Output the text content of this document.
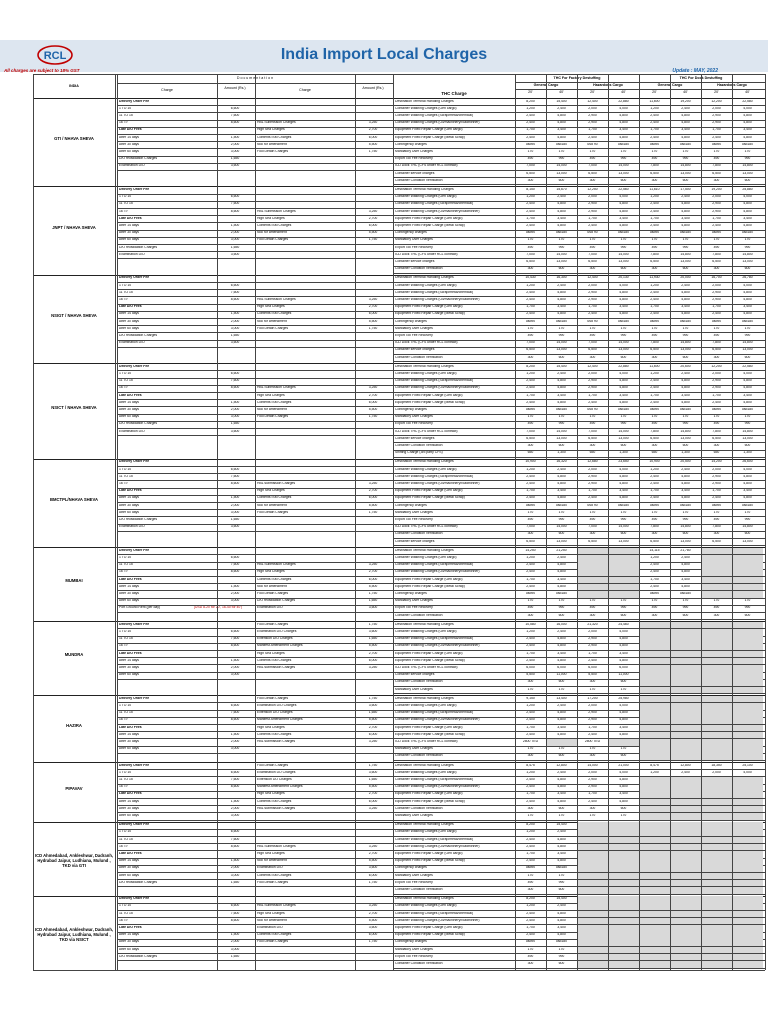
RCL	India Import Local Charges
All charges are subject to 18% GST	Update : MAY, 2022
INDIA
D o c u m e n t a t i o n
Charge	Amount (Rs.)	Charge	Amount (Rs.)
THC Charge
THC For Factory Destuffing	THC For Dock Destuffing
General Cargo	Hazardous Cargo	General Cargo	Hazardous Cargo
20'	40'	20'	40'	20'	40'	20'	40'
GTI / NHAVA SHEVA
Delivery Order Fee
1 TO 10	6,600
11 TO 15	7,600
16 =>	8,600	HBL Submission Charges	3,250
Late D/O Fees	High Sea Charges	2,700
After 14 days	1,500	Contents ISM Charges	6,000
After 30 days	2,000	Noc for amendment	5,500
After 60 days	3,000	Fool Detain Charges	1,750
D/O revalidation Charges	1,650
Examination D/O	3,600
Destination Terminal Handling Charges	8,200	15,400	12,400	22,880	11,600	19,200	12,200	22,580
Container Washing Charges (Gen cargo)	1,200	2,400	2,000	4,000	1,200	2,400	2,000	4,000
Container Washing Charges (Scrap/metal/chemical)	2,400	4,800	2,900	4,800	2,400	4,800	2,900	4,800
Container Washing Charges (Oil/machinery/roadthinner)	2,400	4,800	2,900	4,800	2,400	4,800	2,900	4,800
Equipment Fixed Repair Charge (Gen cargo)	1,700	3,400	1,700	3,400	1,700	3,400	1,700	3,400
Equipment Fixed Repair Charge (Metal Scrap)	2,400	4,800	2,400	4,800	2,400	4,800	2,400	4,800
Contingency charges	usd90	usd180	usd 90	usd180	usd90	usd180	usd90	usd180
Mandatory User Charges	170	170	170	170	170	170	170	170
Export Toll Fee Recovery	490	990	490	990	490	990	490	990
ICD Dock THC (CFS under RCL contract)	7,000	14,000	7,000	14,000	7,800	14,800	7,800	14,800
Container service charges	6,500	13,000	6,500	13,000	6,500	13,000	6,500	13,000
Container Condition Verification	300	600	300	600	300	600	300	600
JNPT / NHAVA SHEVA
Delivery Order Fee
1 TO 10	6,600
11 TO 15	7,600
16 =>	8,600	HBL Submission Charges	3,250
Late D/O Fees	High Sea Charges	2,700
After 14 days	1,500	Contents ISM Charges	6,000
After 30 days	2,000	Noc for amendment	5,500
After 60 days	3,000	Fool Detain Charges	1,750
D/O revalidation Charges	1,650
Examination D/O	3,600
Destination Terminal Handling Charges	8,150	15,670	12,250	22,560	11,610	17,500	19,200	25,880
Container Washing Charges (Gen cargo)	1,200	2,400	2,000	4,000	1,200	2,400	2,000	4,000
Container Washing Charges (Scrap/metal/chemical)	2,400	4,800	2,900	4,800	2,400	4,800	2,900	4,800
Container Washing Charges (Oil/machinery/roadthinner)	2,400	4,800	2,900	4,800	2,400	4,800	2,900	4,800
Equipment Fixed Repair Charge (Gen cargo)	1,700	3,400	1,700	3,400	1,700	3,400	1,700	3,400
Equipment Fixed Repair Charge (Metal Scrap)	2,400	4,800	2,400	4,800	2,400	4,800	2,400	4,800
Contingency charges	usd90	usd180	usd 90	usd180	usd90	usd180	usd90	usd180
Mandatory User Charges	170	170	170	170	170	170	170	170
Export Toll Fee Recovery	490	990	490	990	490	990	490	990
ICD Dock THC (CFS under RCL contract)	7,000	14,000	7,000	14,000	7,800	14,800	7,800	14,800
Container service charges	6,500	13,000	6,500	13,000	6,500	13,000	6,500	13,000
Container Condition Verification	300	600	300	600	300	600	300	600
NSIGT / NHAVA SHEVA
Delivery Order Fee
1 TO 10	6,600
11 TO 15	7,600
16 =>	8,600	HBL Submission Charges	3,250
Late D/O Fees	High Sea Charges	2,700
After 14 days	1,500	Contents ISM Charges	6,000
After 30 days	2,000	Noc for amendment	5,500
After 60 days	3,000	Fool Detain Charges	1,750
D/O revalidation Charges	1,650
Examination D/O	3,600
Destination Terminal Handling Charges	10,430	16,300	12,400	20,130	11,930	20,000	16,700	26,780
Container Washing Charges (Gen cargo)	1,200	2,400	2,000	4,000	1,200	2,400	2,000	4,000
Container Washing Charges (Scrap/metal/chemical)	2,400	4,800	2,900	4,800	2,400	4,800	2,900	4,800
Container Washing Charges (Oil/machinery/roadthinner)	2,400	4,800	2,900	4,800	2,400	4,800	2,900	4,800
Equipment Fixed Repair Charge (Gen cargo)	1,700	3,400	1,700	3,400	1,700	3,400	1,700	3,400
Equipment Fixed Repair Charge (Metal Scrap)	2,400	4,800	2,400	4,800	2,400	4,800	2,400	4,800
Contingency charges	usd90	usd180	usd 90	usd180	usd90	usd180	usd90	usd180
Mandatory User Charges	170	170	170	170	170	170	170	170
Export Toll Fee Recovery	490	990	490	990	490	990	490	990
ICD Dock THC (CFS under RCL contract)	7,000	14,000	7,000	14,000	7,800	14,800	7,800	14,800
Container service charges	6,500	13,000	6,500	13,000	6,500	13,000	6,500	13,000
Container Condition Verification	300	600	300	600	300	600	300	600
NSICT / NHAVA SHEVA
Delivery Order Fee
1 TO 10	6,600
11 TO 15	7,600
16 =>	8,600	HBL Submission Charges	3,250
Late D/O Fees	High Sea Charges	2,700
After 14 days	1,500	Contents ISM Charges	6,000
After 30 days	2,000	Noc for amendment	5,500
After 60 days	3,000	Fool Detain Charges	1,750
D/O revalidation Charges	1,650
Examination D/O	3,600
Destination Terminal Handling Charges	8,200	15,400	12,400	22,880	11,600	20,600	12,200	22,580
Container Washing Charges (Gen cargo)	1,200	2,400	2,000	4,000	1,200	2,400	2,000	4,000
Container Washing Charges (Scrap/metal/chemical)	2,400	4,800	2,900	4,800	2,400	4,800	2,900	4,800
Container Washing Charges (Oil/machinery/roadthinner)	2,400	4,800	2,900	4,800	2,400	4,800	2,900	4,800
Equipment Fixed Repair Charge (Gen cargo)	1,700	3,400	1,700	3,400	1,700	3,400	1,700	3,400
Equipment Fixed Repair Charge (Metal Scrap)	2,400	4,800	2,400	4,800	2,400	4,800	2,400	4,800
Contingency charges	usd90	usd180	usd 90	usd180	usd90	usd180	usd90	usd180
Mandatory User Charges	170	170	170	170	170	170	170	170
Export Toll Fee Recovery	490	990	490	990	490	990	490	990
ICD Dock THC (CFS under RCL contract)	7,000	14,000	7,000	14,000	7,800	14,800	7,800	14,800
Container service charges	6,500	13,000	6,500	13,000	6,500	13,000	6,500	13,000
Container Condition Verification	300	600	300	600	300	600	300	600
Shifting Charge (3rd party CFS)	650	1,300	650	1,300	650	1,300	650	1,300
BMCTPL/NHAVA SHEVA
Delivery Order Fee
1 TO 10	6,600
11 TO 15	7,600
16 =>	8,600	HBL submission Charges	3,250
Late D/O Fees	High Sea Charges	2,700
After 14 days	1,500	Contents ISM Charges	6,000
After 30 days	2,000	Noc for amendment	5,500
After 60 days	3,000	Fool Detain Charges	1,750
D/O revalidation Charges	1,650
Examination D/O	3,600
Destination Terminal Handling Charges	10,900	16,320	12,680	23,650	10,900	20,500	14,200	26,600
Container Washing Charges (Gen cargo)	1,200	2,400	2,000	4,000	1,200	2,400	2,000	4,000
Container Washing Charges (Scrap/metal/chemical)	2,400	4,800	2,900	4,800	2,400	4,800	2,900	4,800
Container Washing Charges (Oil/machinery/roadthinner)	2,400	4,800	2,900	4,800	2,400	4,800	2,900	4,800
Equipment Fixed Repair Charge (Gen cargo)	1,700	3,400	1,700	3,400	1,700	3,400	1,700	3,400
Equipment Fixed Repair Charge (Metal Scrap)	2,400	4,800	2,400	4,800	2,400	4,800	2,400	4,800
Contingency charges	usd90	usd180	usd 90	usd180	usd90	usd180	usd90	usd180
Mandatory User Charges	170	170	170	170	170	170	170	170
Export Toll Fee Recovery	490	990	490	990	490	990	490	990
ICD Dock THC (CFS under RCL contract)	7,000	14,000	7,000	14,000	7,800	14,800	7,800	14,800
Container Condition Verification	300	600	300	600	300	600	300	600
Container service charges	6,500	13,000	6,500	13,000	6,500	13,000	6,500	13,000
MUMBAI
Delivery Order Fee
1 TO 10	6,600
11 TO 15	7,600	HBL Submission Charges	3,250
16 =>	8,600	High Sea Charges	2,700
Late D/O Fees	Contents ISM Charges	6,000
After 14 days	1,500	Noc for amendment	5,500
After 30 days	2,000	Fool Detain Charges	1,750
After 60 days	3,000	D/O revalidation Charges	1,650
Port Ground Rent (per day)	(USD 8-20 for 20', 16-40 for 40')	Examination D/O	3,600
Destination Terminal Handling Charges	14,250	21,250	14,115	21,780
Container Washing Charges (Gen cargo)	1,200	2,400	1,200	2,400
Container Washing Charges (Scrap/metal/chemical)	2,400	4,800	2,400	4,800
Container Washing Charges (Oil/machinery/roadthinner)	2,400	4,800	2,400	4,800
Equipment Fixed Repair Charge (Gen cargo)	1,700	3,400	1,700	3,400
Equipment Fixed Repair Charge (Metal Scrap)	2,400	4,800	2,400	4,800
Contingency charges	usd90	usd180	usd90	usd180
Mandatory User Charges	170	170	170	170	170	170	170	170
Export Toll Fee Recovery	490	990	490	990	490	990	490	990
Container Condition Verification	300	600	300	600	300	600	300	600
MUNDRA
Delivery Order Fee	Fool Detain Charges	1,750
1 TO 10	6,600	Examination D/O Charges	3,600
11 TO 15	7,600	Extension D/O Charges	1,650
16 =>	8,600	Manifest Amendment Charges	5,500
Late D/O Fees	High Sea Charges	2,700
After 14 days	1,500	Contents ISM Charges	6,000
After 30 days	2,000	HBL submission Charges	3,250
After 60 days	3,000
Destination Terminal Handling Charges	10,580	16,000	21,320	24,460
Container Washing Charges (Gen cargo)	1,200	2,400	2,000	4,000
Container Washing Charges (Scrap/metal/chemical)	2,400	4,800	2,900	4,800
Container Washing Charges (Oil/machinery/roadthinner)	2,400	4,800	2,900	4,800
Equipment Fixed Repair Charge (Gen cargo)	1,700	3,400	1,700	3,400
Equipment Fixed Repair Charge (Metal Scrap)	2,400	4,800	2,400	4,800
ICD Dock THC (CFS under RCL contract)	6,000	6,000	6,000	6,000
Container service charges	5,500	11,000	5,500	11,000
Container Condition Verification	300	600	300	600
Mandatory User Charges	170	170	170	170
HAZIRA
Delivery Order Fee	Fool Detain Charges	1,750
1 TO 10	6,600	Examination D/O Charges	3,600
11 TO 15	7,600	Extension D/O Charges	1,650
16 =>	8,600	Manifest Amendment Charges	5,500
Late D/O Fees	High Sea Charges	2,700
After 14 days	1,500	Contents ISM Charges	6,000
After 30 days	2,000	HBL submission Charges	3,250
After 60 days	3,000
Destination Terminal Handling Charges	9,150	13,400	17,200	25,980
Container Washing Charges (Gen cargo)	1,200	2,400	2,000	4,000
Container Washing Charges (Scrap/metal/chemical)	2,400	4,800	2,900	4,800
Container Washing Charges (Oil/machinery/roadthinner)	2,400	4,800	2,900	4,800
Equipment Fixed Repair Charge (Gen cargo)	1,700	3,400	1,700	3,400
Equipment Fixed Repair Charge (Metal Scrap)	2,400	4,800	2,400	4,800
ICD Dock THC (CFS under RCL contract)	2800 TEU	2800 TEU
Mandatory User Charges	170	170	170	170
Container Condition Verification	300	600	300	600
PIPAVAV
Delivery Order Fee	Fool Detain Charges	1,750
1 TO 10	6,600	Examination DO Charges	3,600
11 TO 15	7,600	Extension DO Charges	1,650
16 =>	8,600	Manifest Amendment Charges	5,500
Late D/O Fees	High Sea Charges	2,700
After 14 days	1,500	Contents ISM Charges	6,000
After 30 days	2,000	HBL submission Charges	3,250
After 60 days	3,000
Destination Terminal Handling Charges	8,475	12,800	14,000	21,000	8,475	12,800	18,350	25,100
Container Washing Charges (Gen cargo)	1,200	2,400	2,000	4,000	1,200	2,400	2,000	4,000
Container Washing Charges (Scrap/metal/chemical)	2,400	4,800	2,900	4,800
Container Washing Charges (Oil/machinery/roadthinner)	2,400	4,800	2,900	4,800
Equipment Fixed Repair Charge (Gen cargo)	1,700	3,400	1,700	3,400
Equipment Fixed Repair Charge (Metal Scrap)	2,400	4,800	2,400	4,800
Container Condition Verification	300	600	300	600
Mandatory User Charges	170	170	170	170
ICD Ahmedabad, Ankleshwar, Dadranh, Hydrabad Jaipur, Ludhiana, Mulund , TKD via GTI
Delivery Order Fee
1 TO 10	6,600
11 TO 15	7,600
16 =>	8,600	HBL Submission Charges	3,250
Late D/O Fees	High Sea Charges	2,700
After 14 days	1,500	Noc for amendment	5,500
After 30 days	2,000	Examination D/O	3,600
After 60 days	3,000	Contents ISM Charges	6,000
D/O revalidation Charges	1,650	Fool Detain Charges	1,750
Destination Terminal Handling Charges	8,200	15,400
Container Washing Charges (Gen cargo)	1,200	2,400
Container Washing Charges (Scrap/metal/chemical)	2,400	4,800
Container Washing Charges (Oil/machinery/roadthinner)	2,400	4,800
Equipment Fixed Repair Charge (Gen cargo)	1,700	3,400
Equipment Fixed Repair Charge (Metal Scrap)	2,400	4,800
Contingency charges	usd90	usd180
Mandatory User Charges	170	170
Export Toll Fee Recovery	490	990
Container Condition Verification	300	600
ICD Ahmedabad, Ankleshwar, Dadranh, Hydrabad Jaipur, Ludhiana, Mulund , TKD via NSICT
Delivery Order Fee
1 TO 10	6,600	HBL Submission Charges	3,250
11 TO 15	7,600	High Sea Charges	2,700
16 =>	8,600	Noc for amendment	5,500
Late D/O Fees	Examination D/O	3,600
After 14 days	1,500	Contents ISM Charges	6,000
After 30 days	2,000	Fool Detain Charges	1,750
After 60 days	3,000
D/O revalidation Charges	1,650
Destination Terminal Handling Charges	8,200	15,400
Container Washing Charges (Gen cargo)	1,200	2,400
Container Washing Charges (Scrap/metal/chemical)	2,400	4,800
Container Washing Charges (Oil/machinery/roadthinner)	2,400	4,800
Equipment Fixed Repair Charge (Gen cargo)	1,700	3,400
Equipment Fixed Repair Charge (Metal Scrap)	2,400	4,800
Contingency charges	usd90	usd180
Mandatory User Charges	170	170
Export Toll Fee Recovery	490	990
Container Condition Verification	300	600
